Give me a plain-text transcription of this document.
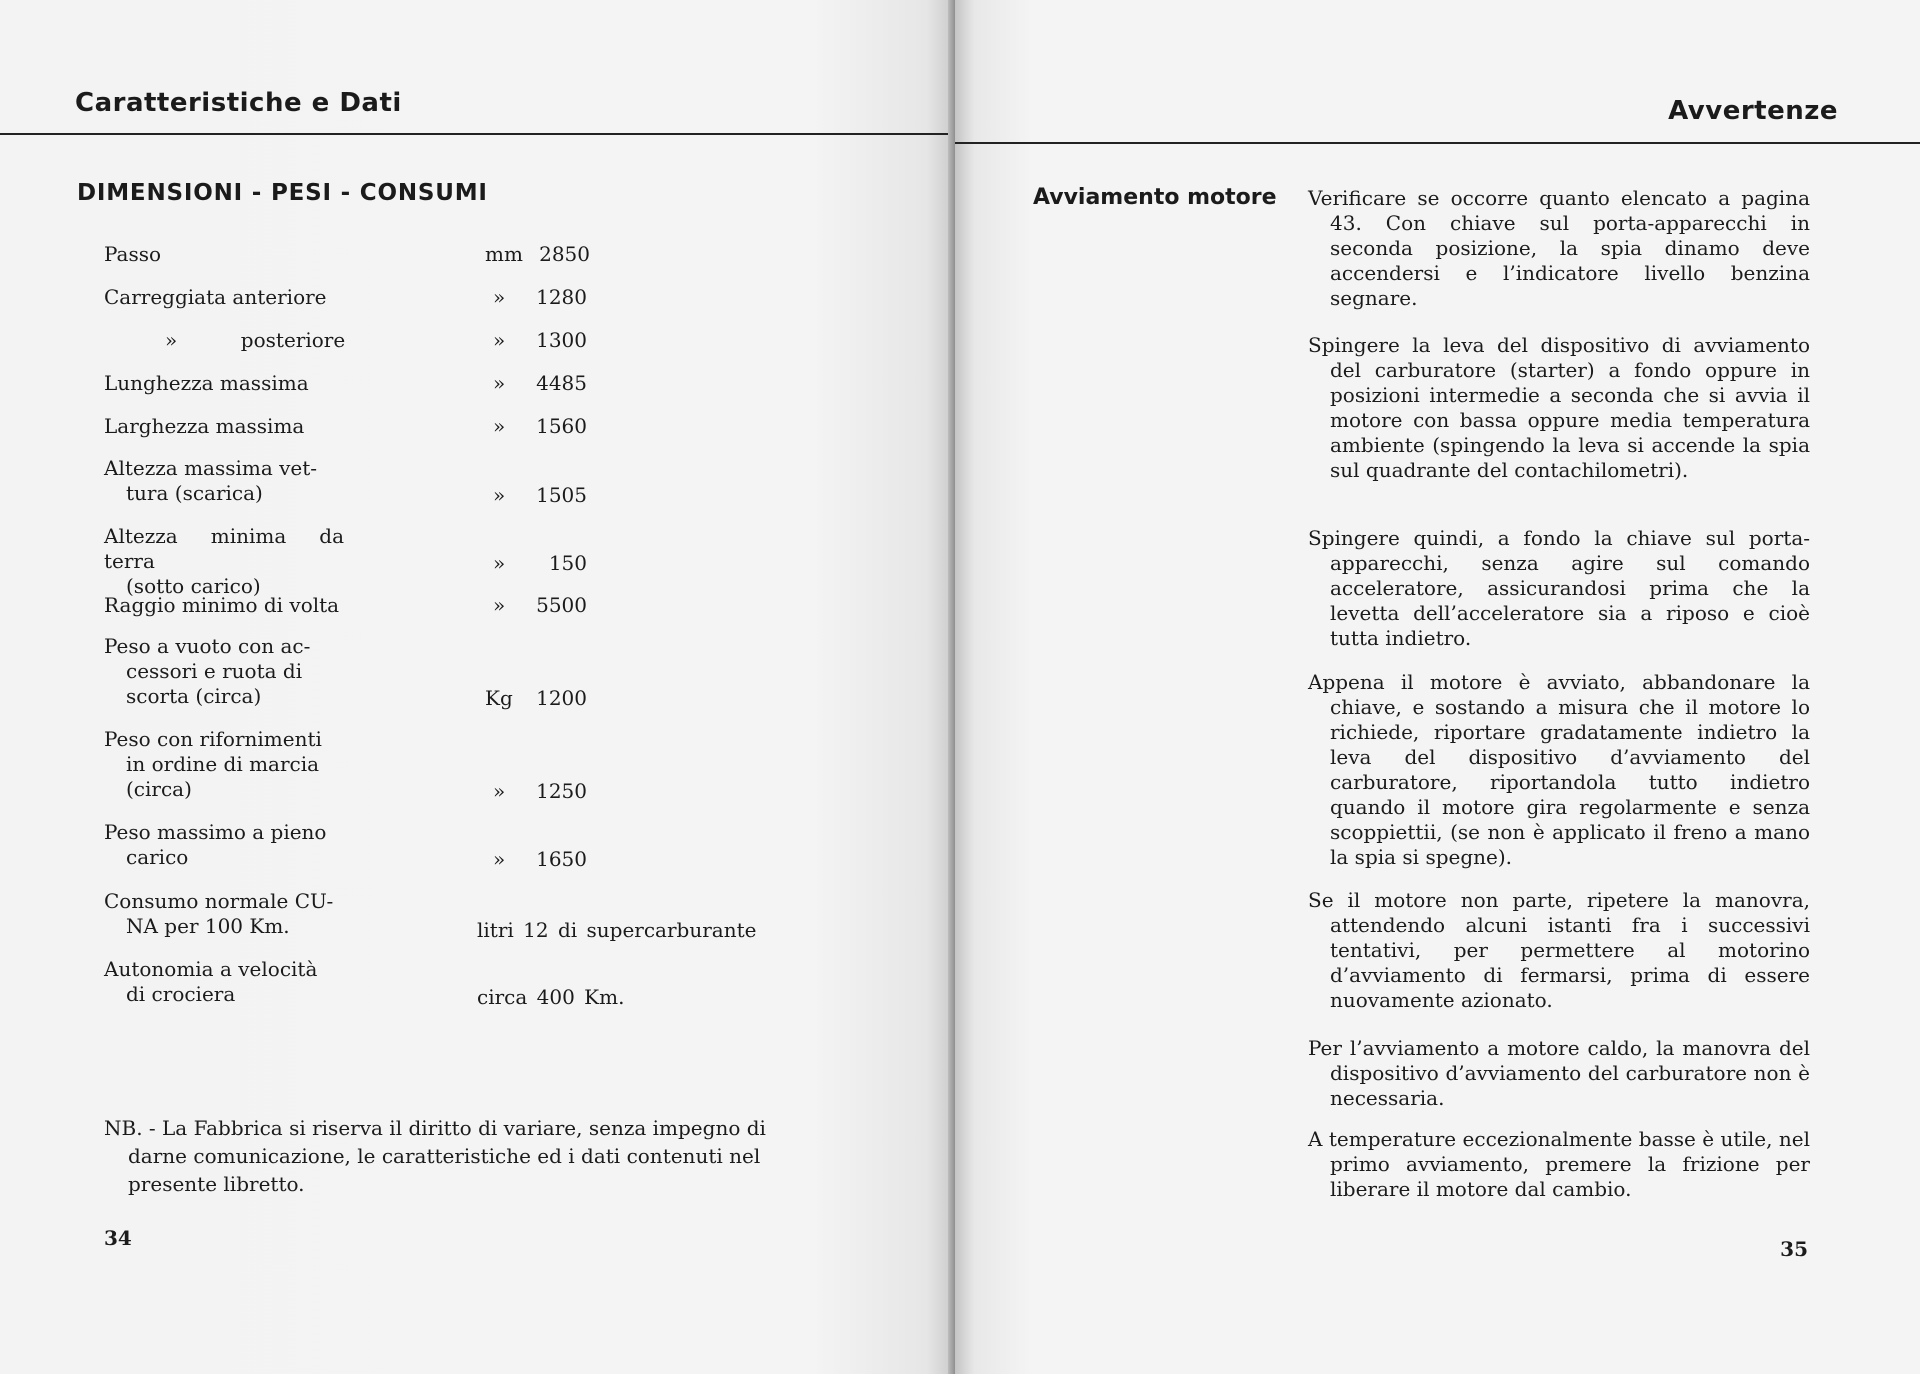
Caratteristiche e Dati
DIMENSIONI - PESI - CONSUMI
Passo	mm 2850
Carreggiata anteriore	»	1280
»          posteriore	»	1300
Lunghezza massima	»	4485
Larghezza massima	»	1560
Altezza massima vet-
tura (scarica)	»	1505
Altezza minima da terra
(sotto carico)
»	150
Raggio minimo di volta	»	5500
Peso a vuoto con ac-
cessori e ruota di
scorta (circa)	Kg	1200
Peso con rifornimenti
in ordine di marcia
(circa)	»	1250
Peso massimo a pieno
carico	»	1650
Consumo normale CU-
NA per 100 Km.	litri 12 di supercarburante
Autonomia a velocità
di crociera	circa 400 Km.
NB. - La Fabbrica si riserva il diritto di variare, senza impegno di
darne comunicazione, le caratteristiche ed i dati contenuti nel
presente libretto.
34
Avvertenze
Avviamento motore Verificare se occorre quanto elencato a pagina 43. Con chiave sul porta-apparecchi in seconda posizione, la spia dinamo deve accendersi e l’indicatore livello benzina segnare.
Spingere la leva del dispositivo di avviamento del carburatore (starter) a fondo oppure in posizioni intermedie a seconda che si avvia il motore con bassa oppure media temperatura ambiente (spingendo la leva si accende la spia sul quadrante del contachilometri).
Spingere quindi, a fondo la chiave sul porta-apparecchi, senza agire sul comando acceleratore, assicurandosi prima che la levetta dell’acceleratore sia a riposo e cioè tutta indietro.
Appena il motore è avviato, abbandonare la chiave, e sostando a misura che il motore lo richiede, riportare gradatamente indietro la leva del dispositivo d’avviamento del carburatore, riportandola tutto indietro quando il motore gira regolarmente e senza scoppiettii, (se non è applicato il freno a mano la spia si spegne).
Se il motore non parte, ripetere la manovra, attendendo alcuni istanti fra i successivi tentativi, per permettere al motorino d’avviamento di fermarsi, prima di essere nuovamente azionato.
Per l’avviamento a motore caldo, la manovra del dispositivo d’avviamento del carburatore non è necessaria.
A temperature eccezionalmente basse è utile, nel primo avviamento, premere la frizione per liberare il motore dal cambio.
35
